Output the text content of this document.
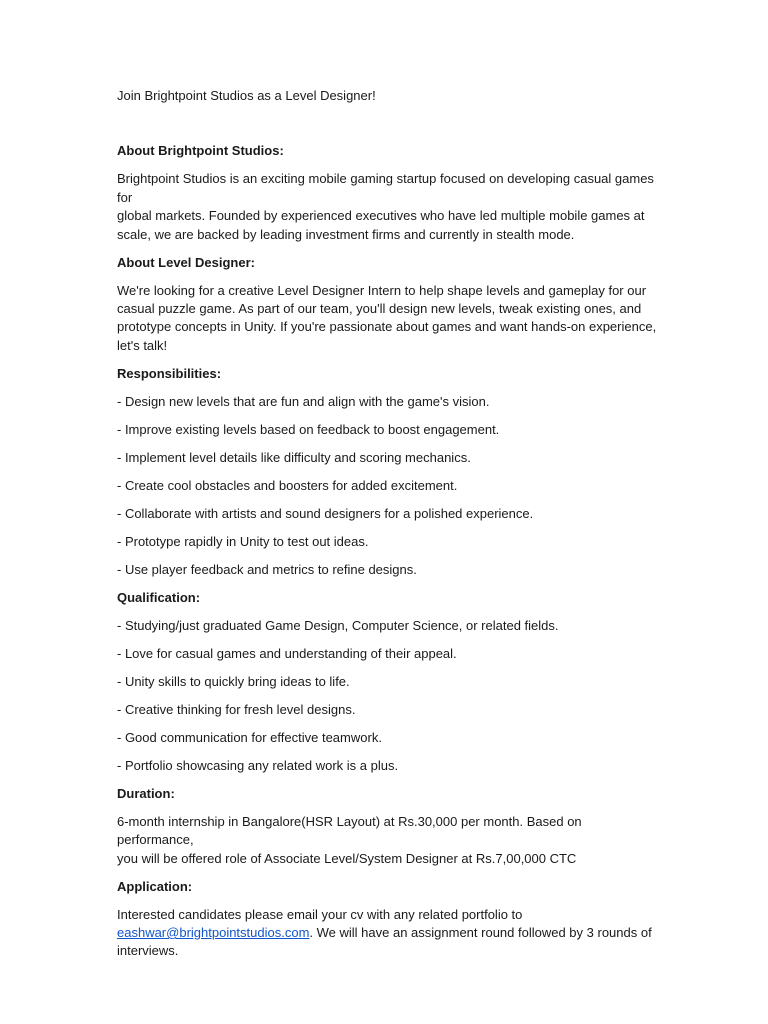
Join Brightpoint Studios as a Level Designer!

About Brightpoint Studios:

Brightpoint Studios is an exciting mobile gaming startup focused on developing casual games for
global markets. Founded by experienced executives who have led multiple mobile games at
scale, we are backed by leading investment firms and currently in stealth mode.

About Level Designer:

We're looking for a creative Level Designer Intern to help shape levels and gameplay for our
casual puzzle game. As part of our team, you'll design new levels, tweak existing ones, and
prototype concepts in Unity. If you're passionate about games and want hands-on experience,
let's talk!

Responsibilities:

- Design new levels that are fun and align with the game's vision.

- Improve existing levels based on feedback to boost engagement.

- Implement level details like difficulty and scoring mechanics.

- Create cool obstacles and boosters for added excitement.

- Collaborate with artists and sound designers for a polished experience.

- Prototype rapidly in Unity to test out ideas.

- Use player feedback and metrics to refine designs.

Qualification:

- Studying/just graduated Game Design, Computer Science, or related fields.

- Love for casual games and understanding of their appeal.

- Unity skills to quickly bring ideas to life.

- Creative thinking for fresh level designs.

- Good communication for effective teamwork.

- Portfolio showcasing any related work is a plus.

Duration:

6-month internship in Bangalore(HSR Layout) at Rs.30,000 per month. Based on performance,
you will be offered role of Associate Level/System Designer at Rs.7,00,000 CTC

Application:

Interested candidates please email your cv with any related portfolio to
eashwar@brightpointstudios.com. We will have an assignment round followed by 3 rounds of
interviews.
